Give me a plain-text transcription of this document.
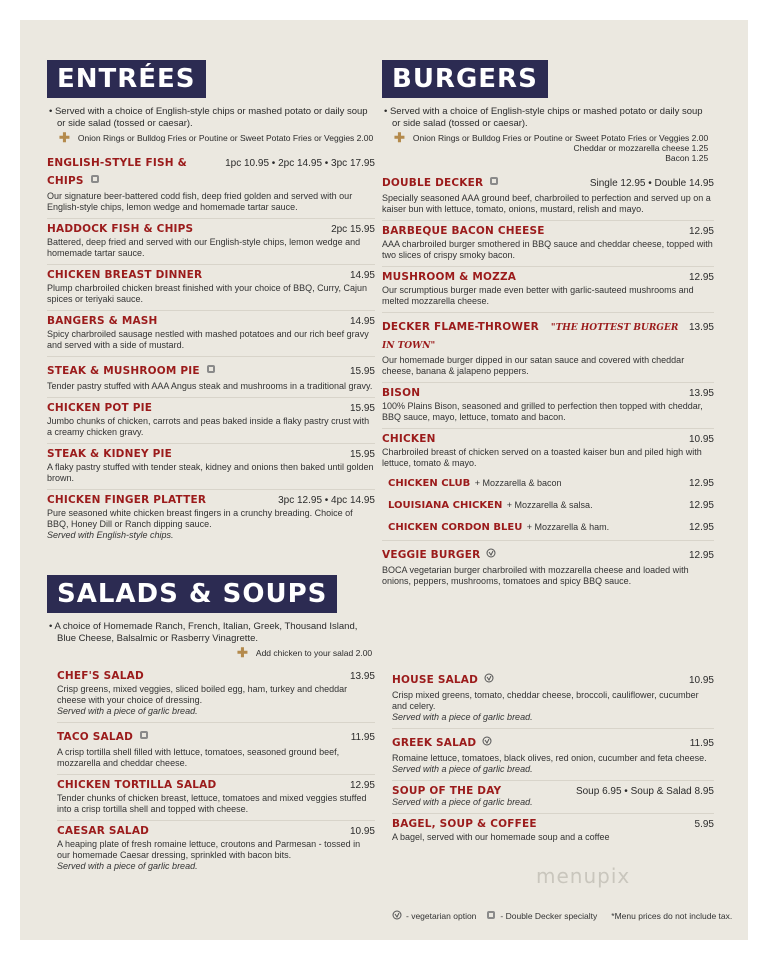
ENTRÉES
• Served with a choice of English-style chips or mashed potato or daily soup
or side salad (tossed or caesar).
✚ Onion Rings or Bulldog Fries or Poutine or Sweet Potato Fries or Veggies 2.00
ENGLISH-STYLE FISH & CHIPS
1pc 10.95 • 2pc 14.95 • 3pc 17.95
Our signature beer-battered codd fish, deep fried golden and served with our English-style chips, lemon wedge and homemade tartar sauce.
HADDOCK FISH & CHIPS	2pc 15.95
Battered, deep fried and served with our English-style chips, lemon wedge and homemade tartar sauce.
CHICKEN BREAST DINNER	14.95
Plump charbroiled chicken breast finished with your choice of BBQ, Curry, Cajun spices or teriyaki sauce.
BANGERS & MASH	14.95
Spicy charbroiled sausage nestled with mashed potatoes and our rich beef gravy and served with a side of mustard.
STEAK & MUSHROOM PIE	15.95
Tender pastry stuffed with AAA Angus steak and mushrooms in a traditional gravy.
CHICKEN POT PIE	15.95
Jumbo chunks of chicken, carrots and peas baked inside a flaky pastry crust with a creamy chicken gravy.
STEAK & KIDNEY PIE	15.95
A flaky pastry stuffed with tender steak, kidney and onions then baked until golden brown.
CHICKEN FINGER PLATTER	3pc 12.95 • 4pc 14.95
Pure seasoned white chicken breast fingers in a crunchy breading. Choice of BBQ, Honey Dill or Ranch dipping sauce.
Served with English-style chips.
BURGERS
• Served with a choice of English-style chips or mashed potato or daily soup
or side salad (tossed or caesar).
✚ Onion Rings or Bulldog Fries or Poutine or Sweet Potato Fries or Veggies 2.00
Cheddar or mozzarella cheese 1.25
Bacon 1.25
DOUBLE DECKER	Single 12.95 • Double 14.95
Specially seasoned AAA ground beef, charbroiled to perfection and served up on a kaiser bun with lettuce, tomato, onions, mustard, relish and mayo.
BARBEQUE BACON CHEESE	12.95
AAA charbroiled burger smothered in BBQ sauce and cheddar cheese, topped with two slices of crispy smoky bacon.
MUSHROOM & MOZZA	12.95
Our scrumptious burger made even better with garlic-sauteed mushrooms and melted mozzarella cheese.
DECKER FLAME-THROWER "THE HOTTEST BURGER IN TOWN"
13.95
Our homemade burger dipped in our satan sauce and covered with cheddar cheese, banana & jalapeno peppers.
BISON	13.95
100% Plains Bison, seasoned and grilled to perfection then topped with cheddar, BBQ sauce, mayo, lettuce, tomato and bacon.
CHICKEN	10.95
Charbroiled breast of chicken served on a toasted kaiser bun and piled high with lettuce, tomato & mayo.
CHICKEN CLUB + Mozzarella & bacon	12.95
LOUISIANA CHICKEN + Mozzarella & salsa.	12.95
CHICKEN CORDON BLEU + Mozzarella & ham.	12.95
VEGGIE BURGER	12.95
BOCA vegetarian burger charbroiled with mozzarella cheese and loaded with onions, peppers, mushrooms, tomatoes and spicy BBQ sauce.
SALADS & SOUPS
• A choice of Homemade Ranch, French, Italian, Greek, Thousand Island,
Blue Cheese, Balsalmic or Rasberry Vinagrette.
✚ Add chicken to your salad 2.00
CHEF'S SALAD	13.95
Crisp greens, mixed veggies, sliced boiled egg, ham, turkey and cheddar cheese with your choice of dressing.
Served with a piece of garlic bread.
TACO SALAD	11.95
A crisp tortilla shell filled with lettuce, tomatoes, seasoned ground beef, mozzarella and cheddar cheese.
CHICKEN TORTILLA SALAD	12.95
Tender chunks of chicken breast, lettuce, tomatoes and mixed veggies stuffed into a crisp tortilla shell and topped with cheese.
CAESAR SALAD	10.95
A heaping plate of fresh romaine lettuce, croutons and Parmesan - tossed in our homemade Caesar dressing, sprinkled with bacon bits.
Served with a piece of garlic bread.
HOUSE SALAD	10.95
Crisp mixed greens, tomato, cheddar cheese, broccoli, cauliflower, cucumber and celery.
Served with a piece of garlic bread.
GREEK SALAD	11.95
Romaine lettuce, tomatoes, black olives, red onion, cucumber and feta cheese.
Served with a piece of garlic bread.
SOUP OF THE DAY	Soup 6.95 • Soup & Salad 8.95
Served with a piece of garlic bread.
BAGEL, SOUP & COFFEE	5.95
A bagel, served with our homemade soup and a coffee
menupix
- vegetarian option	- Double Decker specialty *Menu prices do not include tax.
